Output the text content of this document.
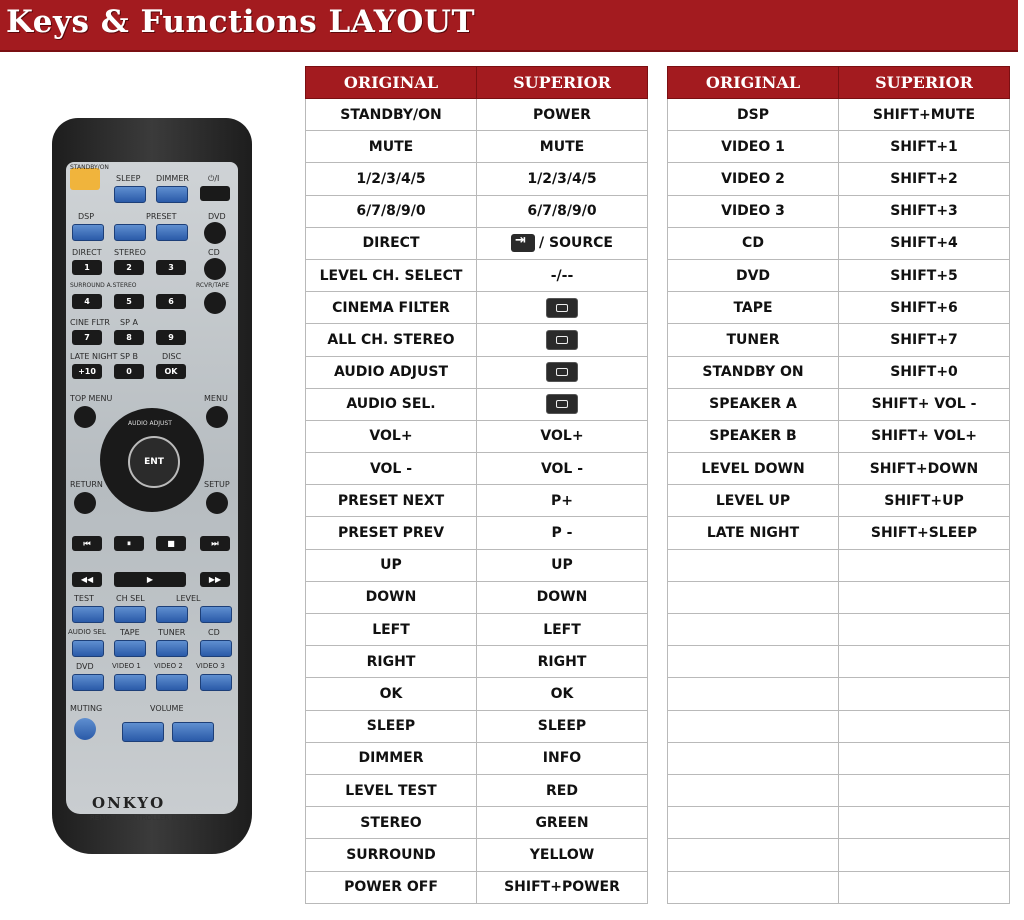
Keys & Functions LAYOUT
STANDBY/ON
SLEEP DIMMER ⏻/I
DSP	PRESET	DVD
DIRECT STEREO	CD
1	2	3
SURROUND A.STEREO	RCVR/TAPE
4	5	6
CINE FLTR SP A
7	8	9
LATE NIGHT SP B	DISC
+10	0	OK
TOP MENU	MENU
ENT
AUDIO ADJUST
RETURN	SETUP
⏮	⏸	■	⏭
◀◀	▶	▶▶
TEST	CH SEL	LEVEL
AUDIO SEL TAPE TUNER	CD
DVD	VIDEO 1 VIDEO 2 VIDEO 3
MUTING	VOLUME
ONKYO
REMOTE CONTROLLER RC-479S
ORIGINAL	SUPERIOR
STANDBY/ON	POWER
MUTE	MUTE
1/2/3/4/5	1/2/3/4/5
6/7/8/9/0	6/7/8/9/0
DIRECT	⇥/ SOURCE
LEVEL CH. SELECT	-/--
CINEMA FILTER	
ALL CH. STEREO	
AUDIO ADJUST	
AUDIO SEL.	
VOL+	VOL+
VOL -	VOL -
PRESET NEXT	P+
PRESET PREV	P -
UP	UP
DOWN	DOWN
LEFT	LEFT
RIGHT	RIGHT
OK	OK
SLEEP	SLEEP
DIMMER	INFO
LEVEL TEST	RED
STEREO	GREEN
SURROUND	YELLOW
POWER OFF	SHIFT+POWER
ORIGINAL	SUPERIOR
DSP	SHIFT+MUTE
VIDEO 1	SHIFT+1
VIDEO 2	SHIFT+2
VIDEO 3	SHIFT+3
CD	SHIFT+4
DVD	SHIFT+5
TAPE	SHIFT+6
TUNER	SHIFT+7
STANDBY ON	SHIFT+0
SPEAKER A	SHIFT+ VOL -
SPEAKER B	SHIFT+ VOL+
LEVEL DOWN	SHIFT+DOWN
LEVEL UP	SHIFT+UP
LATE NIGHT	SHIFT+SLEEP
